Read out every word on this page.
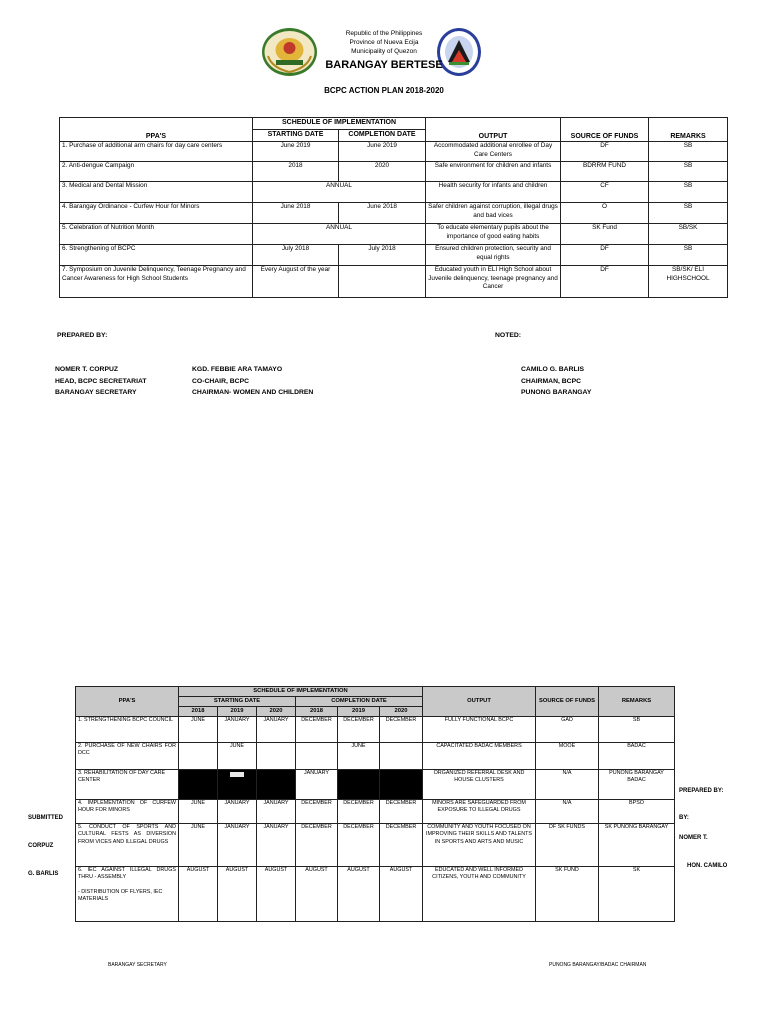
Republic of the Philippines
Province of Nueva Ecija
Municipality of Quezon
BARANGAY BERTESE
BCPC ACTION PLAN 2018-2020
PPA'S	SCHEDULE OF IMPLEMENTATION		OUTPUT	SOURCE OF FUNDS	REMARKS
	STARTING DATE	COMPLETION DATE			
1. Purchase of additional arm chairs for day care centers	June 2019	June 2019	Accommodated additional enrollee of Day Care Centers	DF	SB
2. Anti-dengue Campaign	2018	2020	Safe environment for children and infants	BDRRM FUND	SB
3. Medical and Dental Mission	ANNUAL		Health security for infants and children	CF	SB
4. Barangay Ordinance - Curfew Hour for Minors	June 2018	June 2018	Safer children against corruption, illegal drugs and bad vices	O	SB
5. Celebration of Nutrition Month	ANNUAL		To educate elementary pupils about the importance of good eating habits	SK Fund	SB/SK
6. Strengthening of BCPC	July 2018	July 2018	Ensured children protection, security and equal rights	DF	SB
7. Symposium on Juvenile Delinquency, Teenage Pregnancy and Cancer Awareness for High School Students	Every August of the year		Educated youth in ELI High School about Juvenile delinquency, teenage pregnancy and Cancer	DF	SB/SK/ ELI HIGHSCHOOL
PREPARED BY:	NOTED:
NOMER T. CORPUZ
HEAD, BCPC SECRETARIAT
BARANGAY SECRETARY
KGD. FEBBIE ARA TAMAYO
CO-CHAIR, BCPC
CHAIRMAN- WOMEN AND CHILDREN
CAMILO G. BARLIS
CHAIRMAN, BCPC
PUNONG BARANGAY
PPA'S	SCHEDULE OF IMPLEMENTATION						OUTPUT	SOURCE OF FUNDS	REMARKS
	STARTING DATE			COMPLETION DATE					
	2018	2019	2020	2018	2019	2020			
1. STRENGTHENING BCPC COUNCIL	JUNE	JANUARY	JANUARY	DECEMBER	DECEMBER	DECEMBER	FULLY FUNCTIONAL BCPC	GAD	SB
2. PURCHASE OF NEW CHAIRS FOR DCC		JUNE			JUNE		CAPACITATED BADAC MEMBERS	MOOE	BADAC
3. REHABILITATION OF DAY CARE CENTER				JANUARY			ORGANIZED REFERRAL DESK AND HOUSE CLUSTERS	N/A	PUNONG BARANGAY BADAC
4. IMPLEMENTATION OF CURFEW HOUR FOR MINORS	JUNE	JANUARY	JANUARY	DECEMBER	DECEMBER	DECEMBER	MINORS ARE SAFEGUARDED FROM EXPOSURE TO ILLEGAL DRUGS	N/A	BPSO
5. CONDUCT OF SPORTS AND CULTURAL FESTS AS DIVERSION FROM VICES AND ILLEGAL DRUGS	JUNE	JANUARY	JANUARY	DECEMBER	DECEMBER	DECEMBER	COMMUNITY AND YOUTH FOCUSED ON IMPROVING THEIR SKILLS AND TALENTS IN SPORTS AND ARTS AND MUSIC	DF SK FUNDS	SK PUNONG BARANGAY

6. IEC AGAINST ILLEGAL DRUGS THRU - ASSEMBLY
- DISTRIBUTION OF FLYERS, IEC MATERIALS	AUGUST	AUGUST	AUGUST	AUGUST	AUGUST	AUGUST	EDUCATED AND WELL INFORMED CITIZENS, YOUTH AND COMMUNITY	SK FUND	SK
SUBMITTED
CORPUZ
G. BARLIS
PREPARED BY:
BY:
NOMER T.
HON. CAMILO
BARANGAY SECRETARY	PUNONG BARANGAY/BADAC CHAIRMAN
